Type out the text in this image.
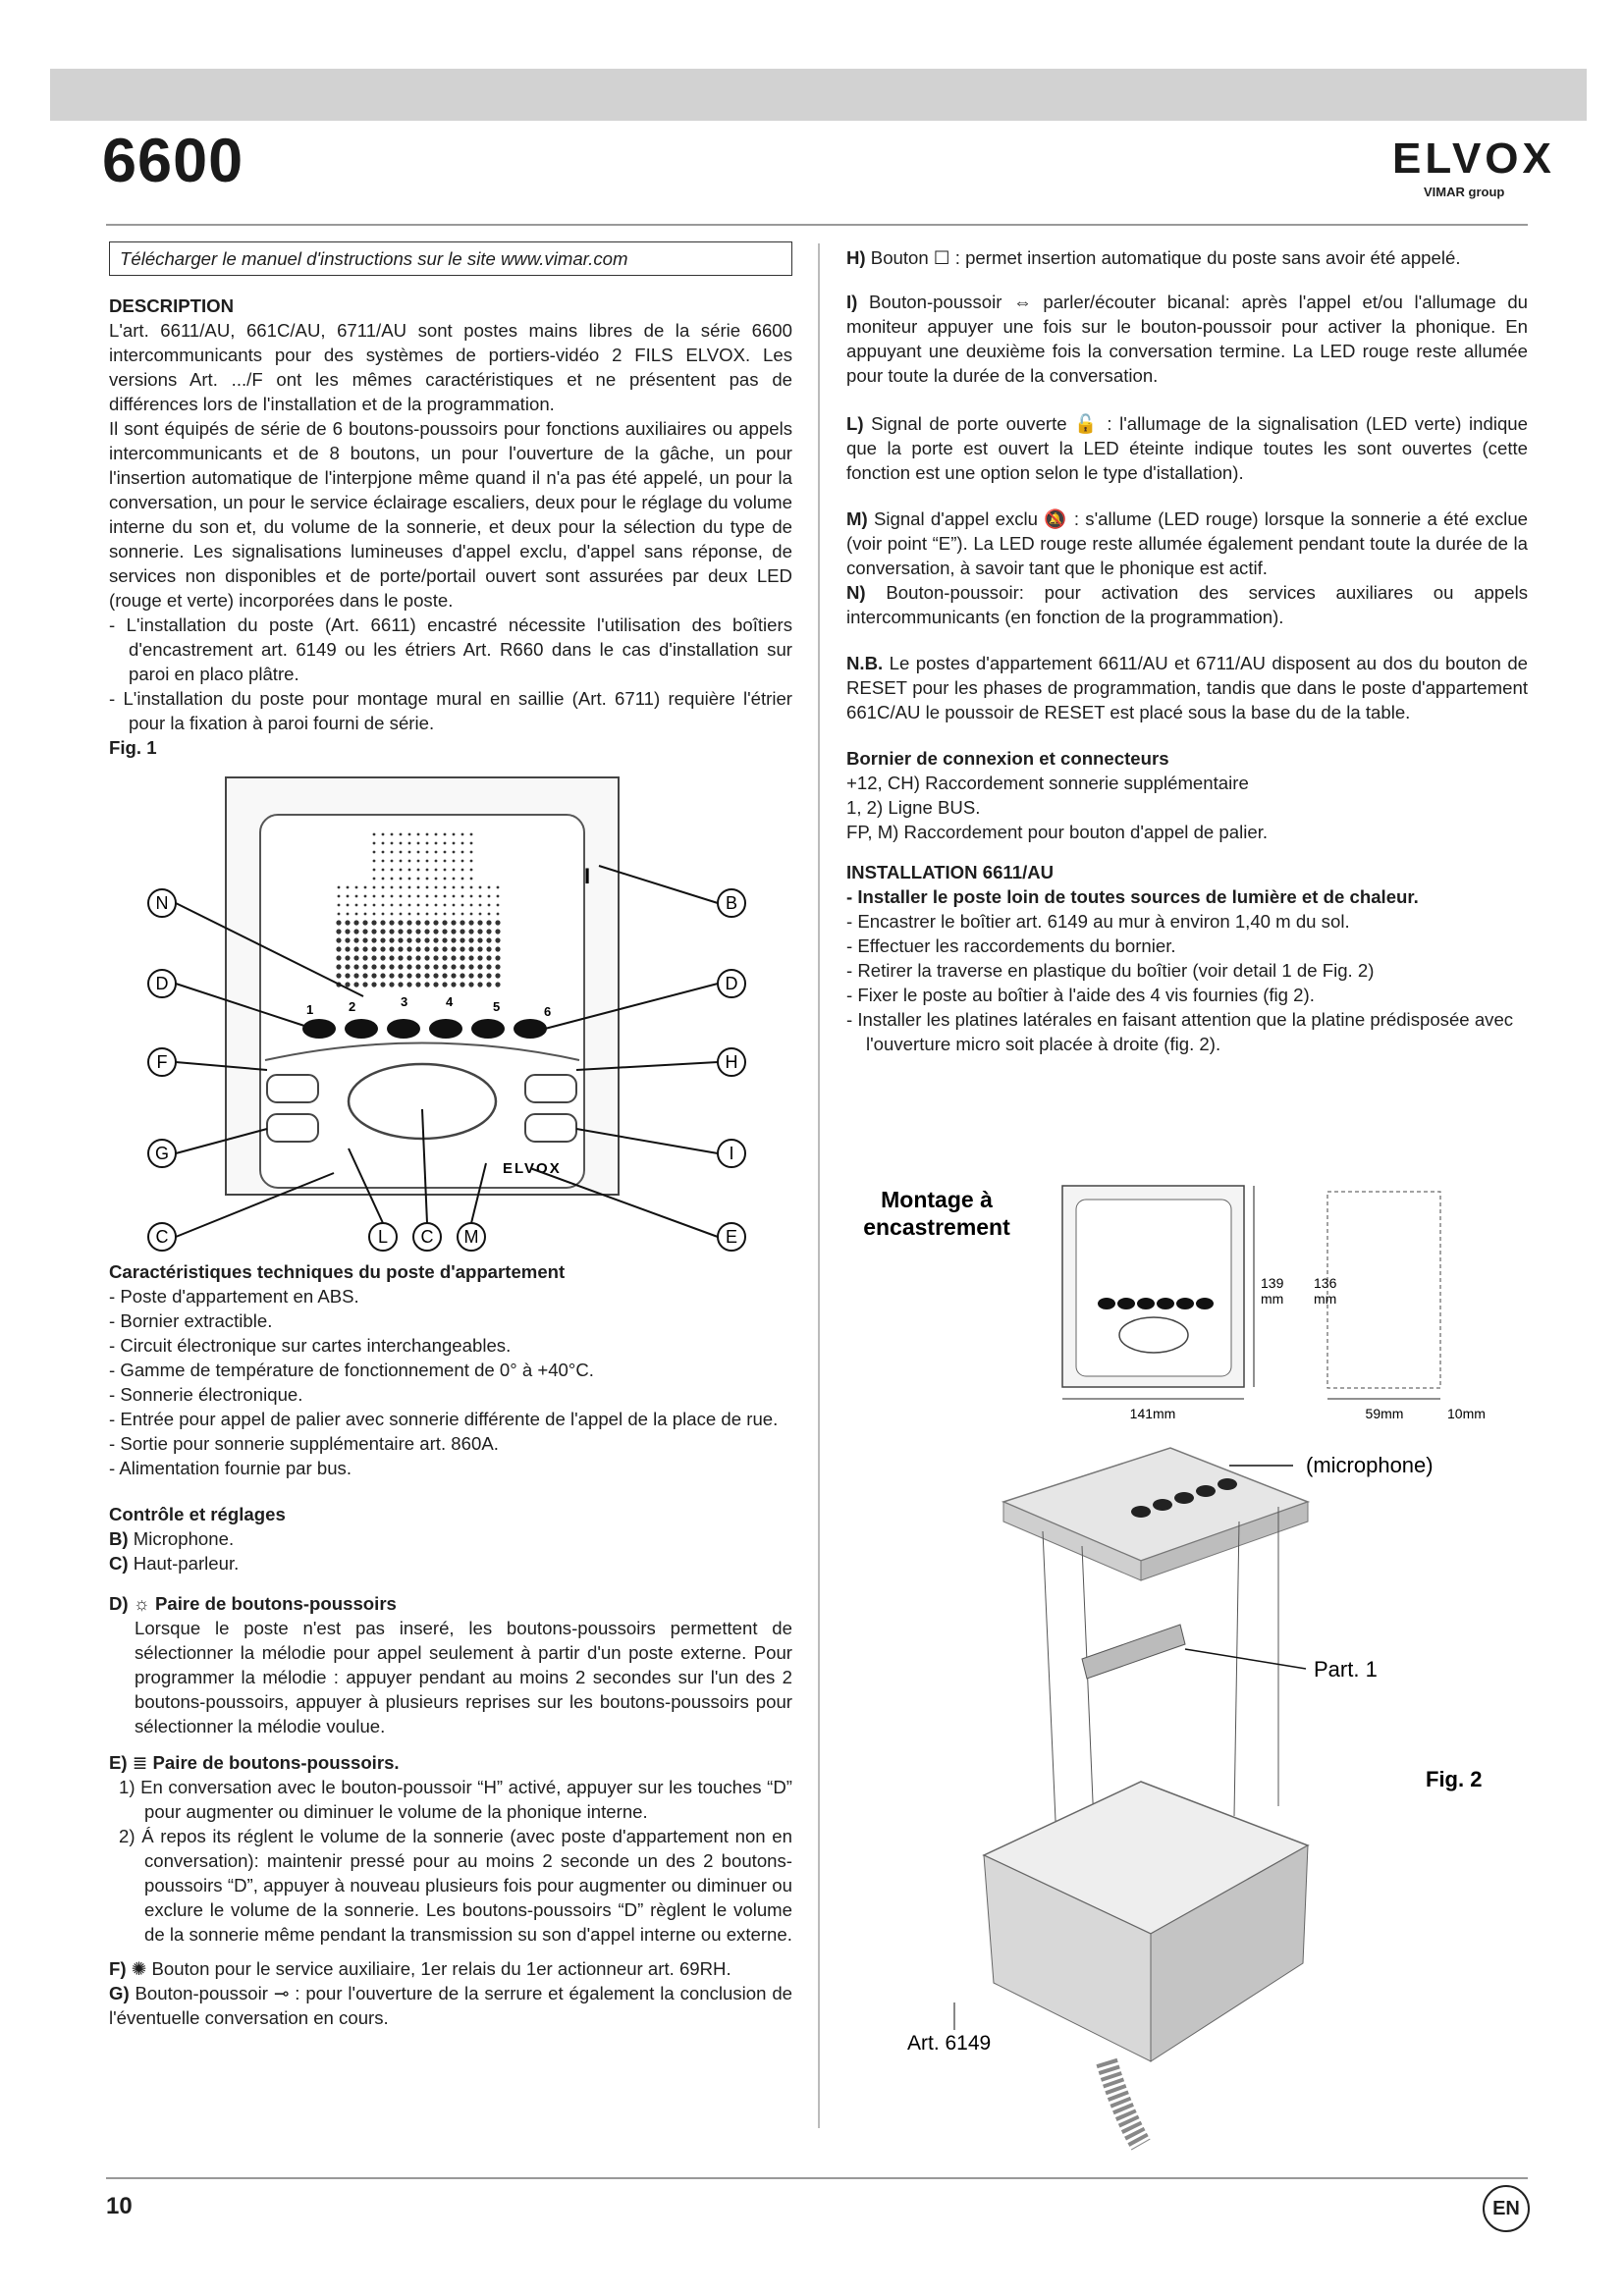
6600	ELVOX
VIMAR group
Télécharger le manuel d'instructions sur le site www.vimar.com

DESCRIPTION

L'art. 6611/AU, 661C/AU, 6711/AU sont postes mains libres de la série 6600 intercommunicants pour des systèmes de portiers-vidéo 2 FILS ELVOX. Les versions Art. .../F ont les mêmes caractéristiques et ne présentent pas de différences lors de l'installation et de la programmation.

Il sont équipés de série de 6 boutons-poussoirs pour fonctions auxiliaires ou appels intercommunicants et de 8 boutons, un pour l'ouverture de la gâche, un pour l'insertion automatique de l'interpjone même quand il n'a pas été appelé, un pour la conversation, un pour le service éclairage escaliers, deux pour le réglage du volume interne du son et, du volume de la sonnerie, et deux pour la sélection du type de sonnerie. Les signalisations lumineuses d'appel exclu, d'appel sans réponse, de services non disponibles et de porte/portail ouvert sont assurées par deux LED (rouge et verte) incorporées dans le poste.

- L'installation du poste (Art. 6611) encastré nécessite l'utilisation des boîtiers d'encastrement art. 6149 ou les étriers Art. R660 dans le cas d'installation sur paroi en placo plâtre.

- L'installation du poste pour montage mural en saillie (Art. 6711) requière l'étrier pour la fixation à paroi fourni de série.

Fig. 1

1	2	3	4	5	6
ELVOX
I
N
D
F
G
C
B
D
H
I
E
L C M

Caractéristiques techniques du poste d'appartement

- Poste d'appartement en ABS.

- Bornier extractible.

- Circuit électronique sur cartes interchangeables.

- Gamme de température de fonctionnement de 0° à +40°C.

- Sonnerie électronique.

- Entrée pour appel de palier avec sonnerie différente de l'appel de la place de rue.

- Sortie pour sonnerie supplémentaire art. 860A.

- Alimentation fournie par bus.

Contrôle et réglages

B) Microphone.

C) Haut-parleur.

D) ☼ Paire de boutons-poussoirs

Lorsque le poste n'est pas inseré, les boutons-poussoirs permettent de sélectionner la mélodie pour appel seulement à partir d'un poste externe. Pour programmer la mélodie : appuyer pendant au moins 2 secondes sur l'un des 2 boutons-poussoirs, appuyer à plusieurs reprises sur les boutons-poussoirs pour sélectionner la mélodie voulue.

E) ≣ Paire de boutons-poussoirs.

1) En conversation avec le bouton-poussoir “H” activé, appuyer sur les touches “D” pour augmenter ou diminuer le volume de la phonique interne.

2) Á repos its réglent le volume de la sonnerie (avec poste d'appartement non en conversation): maintenir pressé pour au moins 2 seconde un des 2 boutons-poussoirs “D”, appuyer à nouveau plusieurs fois pour augmenter ou diminuer ou exclure le volume de la sonnerie. Les boutons-poussoirs “D” règlent le volume de la sonnerie même pendant la transmission su son d'appel interne ou externe.

F) ✺ Bouton pour le service auxiliaire, 1er relais du 1er actionneur art. 69RH.

G) Bouton-poussoir ⊸ : pour l'ouverture de la serrure et également la conclusion de l'éventuelle conversation en cours.

H) Bouton ☐ : permet insertion automatique du poste sans avoir été appelé.

I) Bouton-poussoir ⇔ parler/écouter bicanal: après l'appel et/ou l'allumage du moniteur appuyer une fois sur le bouton-poussoir pour activer la phonique. En appuyant une deuxième fois la conversation termine. La LED rouge reste allumée pour toute la durée de la conversation.

L) Signal de porte ouverte 🔓 : l'allumage de la signalisation (LED verte) indique que la porte est ouvert la LED éteinte indique toutes les sont ouvertes (cette fonction est une option selon le type d'istallation).

M) Signal d'appel exclu 🔕 : s'allume (LED rouge) lorsque la sonnerie a été exclue (voir point “E”). La LED rouge reste allumée également pendant toute la durée de la conversation, à savoir tant que le phonique est actif.

N) Bouton-poussoir: pour activation des services auxiliares ou appels intercommunicants (en fonction de la programmation).

N.B. Le postes d'appartement 6611/AU et 6711/AU disposent au dos du bouton de RESET pour les phases de programmation, tandis que dans le poste d'appartement 661C/AU le poussoir de RESET est placé sous la base du de la table.

Bornier de connexion et connecteurs

+12, CH) Raccordement sonnerie supplémentaire

1, 2) Ligne BUS.

FP, M) Raccordement pour bouton d'appel de palier.

INSTALLATION 6611/AU

- Installer le poste loin de toutes sources de lumière et de chaleur.

- Encastrer le boîtier art. 6149 au mur à environ 1,40 m du sol.

- Effectuer les raccordements du bornier.

- Retirer la traverse en plastique du boîtier (voir detail 1 de Fig. 2)

- Fixer le poste au boîtier à l'aide des 4 vis fournies (fig 2).

- Installer les platines latérales en faisant attention que la platine prédisposée avec l'ouverture micro soit placée à droite (fig. 2).

Montage à
encastrement
141mm
139
mm
136
mm
59mm	10mm
(microphone)
Part. 1
Fig. 2
Art. 6149
10	EN
